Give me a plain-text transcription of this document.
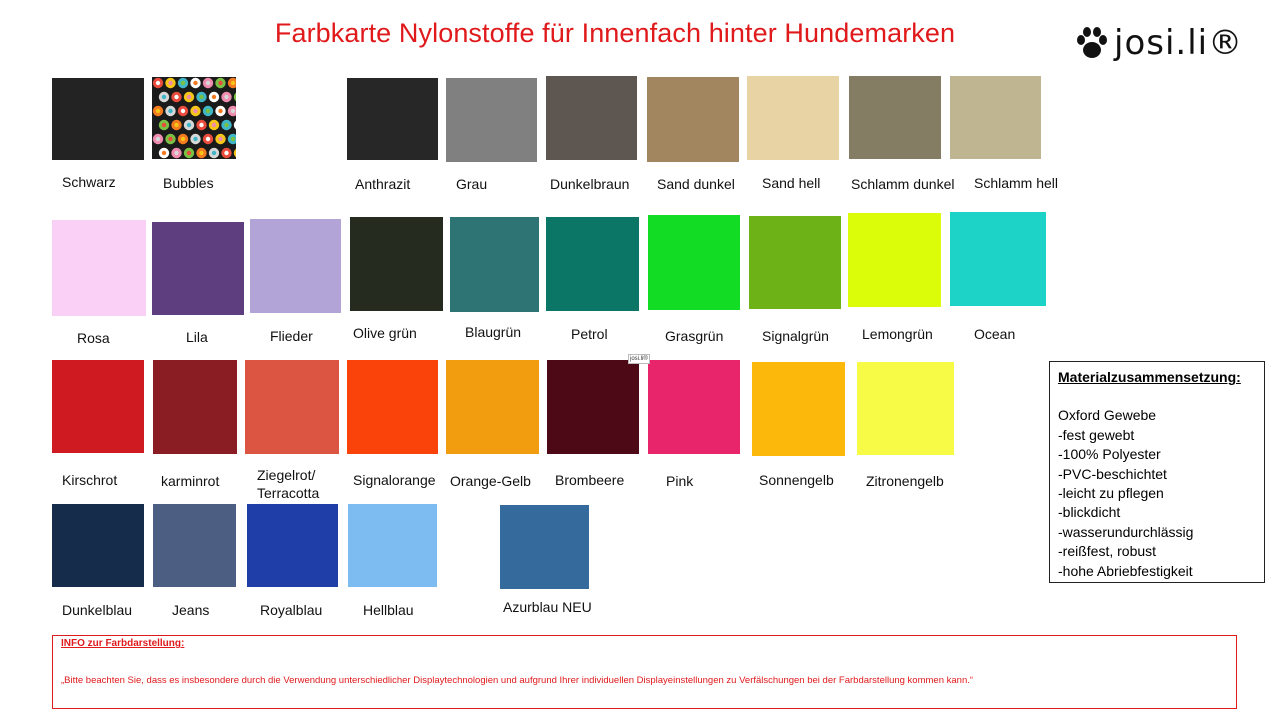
Farbkarte Nylonstoffe für Innenfach hinter Hundemarken	josi.li®
Schwarz	Bubbles	Anthrazit	Grau	Dunkelbraun Sand dunkel Sand hell Schlamm dunkel Schlamm hell
Rosa	Lila	Flieder	Olive grün	Blaugrün	Petrol	Grasgrün	Signalgrün Lemongrün	Ocean
Kirschrot	karminrot	Ziegelrot/ Terracotta
Signalorange Orange-Gelb Brombeere	Pink	Sonnengelb Zitronengelb
Dunkelblau	Jeans	Royalblau	Hellblau	Azurblau NEU
josi.li®
Materialzusammensetzung:
Oxford Gewebe
-fest gewebt
-100% Polyester
-PVC-beschichtet
-leicht zu pflegen
-blickdicht
-wasserundurchlässig
-reißfest, robust
-hohe Abriebfestigkeit
INFO zur Farbdarstellung:
„Bitte beachten Sie, dass es insbesondere durch die Verwendung unterschiedlicher Displaytechnologien und aufgrund Ihrer individuellen Displayeinstellungen zu Verfälschungen bei der Farbdarstellung kommen kann.“
